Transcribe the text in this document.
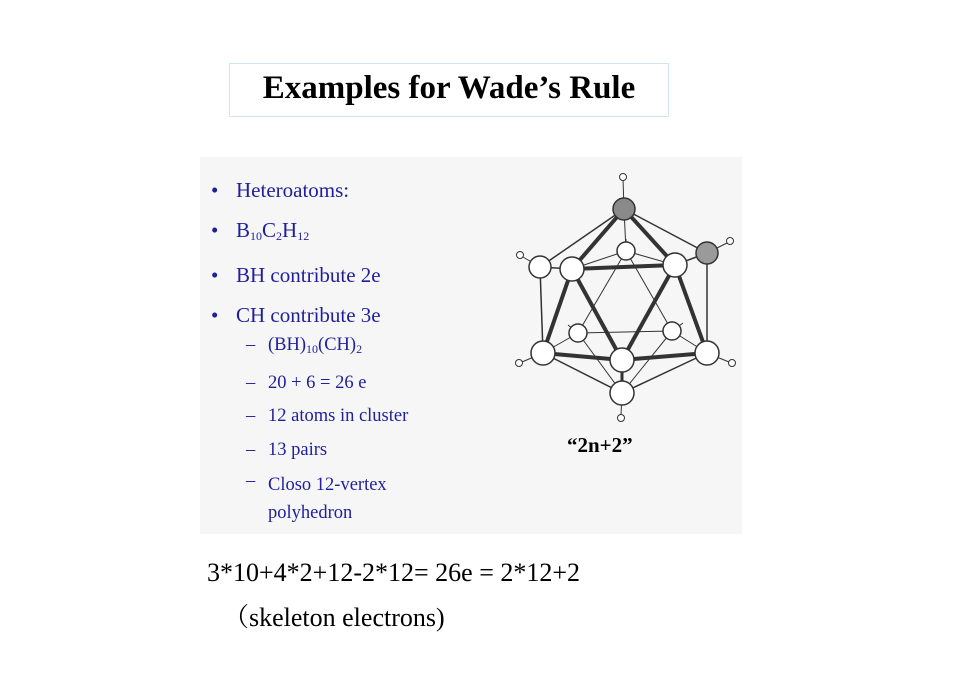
Examples for Wade’s Rule
• Heteroatoms:
• $B_{10}C_2H_{12}$
• BH contribute 2e
• CH contribute 3e
– $(BH)_{10}(CH)_2$
– 20 + 6 = 26 e
– 12 atoms in cluster
– 13 pairs
– Closo 12-vertex polyhedron
“2n+2”
3*10+4*2+12-2*12= 26e = 2*12+2
（skeleton electrons)
